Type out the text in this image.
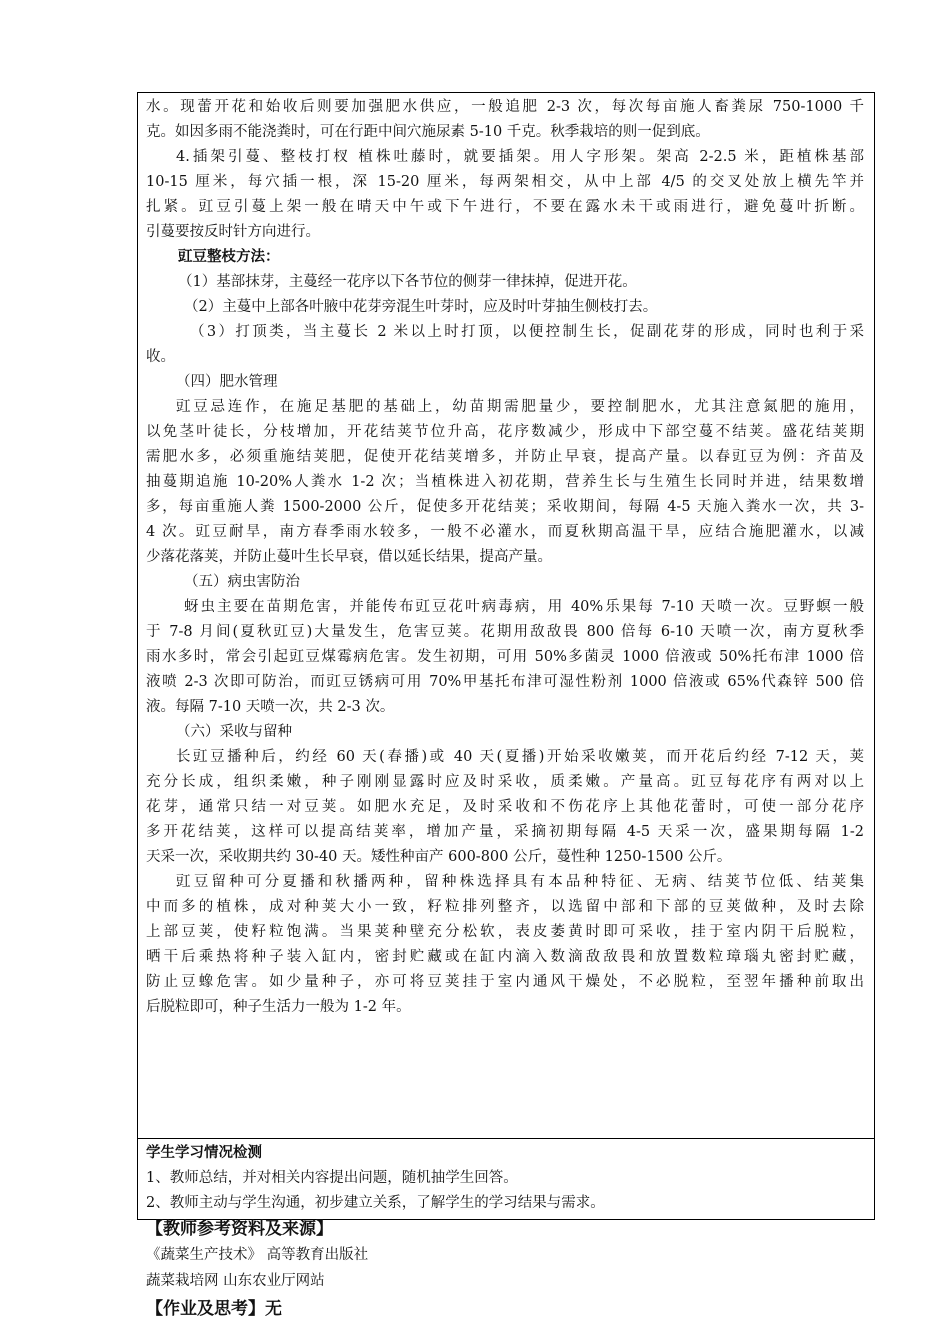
水。现蕾开花和始收后则要加强肥水供应，一般追肥 2-3 次，每次每亩施人畜粪尿 750-1000 千
克。如因多雨不能浇粪时，可在行距中间穴施尿素 5-10 千克。秋季栽培的则一促到底。
4.插架引蔓、整枝打杈 植株吐藤时，就要插架。用人字形架。架高 2-2.5 米，距植株基部
10-15 厘米，每穴插一根，深 15-20 厘米，每两架相交，从中上部 4/5 的交叉处放上横先竿并
扎紧。豇豆引蔓上架一般在晴天中午或下午进行，不要在露水未干或雨进行，避免蔓叶折断。
引蔓要按反时针方向进行。
豇豆整枝方法：
（1）基部抹芽，主蔓经一花序以下各节位的侧芽一律抹掉，促进开花。
（2）主蔓中上部各叶腋中花芽旁混生叶芽时，应及时叶芽抽生侧枝打去。
（3）打顶类，当主蔓长 2 米以上时打顶，以便控制生长，促副花芽的形成，同时也利于采
收。
（四）肥水管理
豇豆忌连作，在施足基肥的基础上，幼苗期需肥量少，要控制肥水，尤其注意氮肥的施用，
以免茎叶徒长，分枝增加，开花结荚节位升高，花序数减少，形成中下部空蔓不结荚。盛花结荚期
需肥水多，必须重施结荚肥，促使开花结荚增多，并防止早衰，提高产量。以春豇豆为例：齐苗及
抽蔓期追施 10-20%人粪水 1-2 次；当植株进入初花期，营养生长与生殖生长同时并进，结果数增
多，每亩重施人粪 1500-2000 公斤，促使多开花结荚；采收期间，每隔 4-5 天施入粪水一次，共 3-
4 次。豇豆耐旱，南方春季雨水较多，一般不必灌水，而夏秋期高温干旱，应结合施肥灌水，以减
少落花落荚，并防止蔓叶生长早衰，借以延长结果，提高产量。
（五）病虫害防治
蚜虫主要在苗期危害，并能传布豇豆花叶病毒病，用 40%乐果每 7-10 天喷一次。豆野螟一般
于 7-8 月间(夏秋豇豆)大量发生，危害豆荚。花期用敌敌畏 800 倍每 6-10 天喷一次，南方夏秋季
雨水多时，常会引起豇豆煤霉病危害。发生初期，可用 50%多菌灵 1000 倍液或 50%托布津 1000 倍
液喷 2-3 次即可防治，而豇豆锈病可用 70%甲基托布津可湿性粉剂 1000 倍液或 65%代森锌 500 倍
液。每隔 7-10 天喷一次，共 2-3 次。
（六）采收与留种
长豇豆播种后，约经 60 天(春播)或 40 天(夏播)开始采收嫩荚，而开花后约经 7-12 天，荚
充分长成，组织柔嫩，种子刚刚显露时应及时采收，质柔嫩。产量高。豇豆每花序有两对以上
花芽，通常只结一对豆荚。如肥水充足，及时采收和不伤花序上其他花蕾时，可使一部分花序
多开花结荚，这样可以提高结荚率，增加产量，采摘初期每隔 4-5 天采一次，盛果期每隔 1-2
天采一次，采收期共约 30-40 天。矮性种亩产 600-800 公斤，蔓性种 1250-1500 公斤。
豇豆留种可分夏播和秋播两种，留种株选择具有本品种特征、无病、结荚节位低、结荚集
中而多的植株，成对种荚大小一致，籽粒排列整齐，以选留中部和下部的豆荚做种，及时去除
上部豆荚，使籽粒饱满。当果荚种壁充分松软，表皮萎黄时即可采收，挂于室内阴干后脱粒，
晒干后乘热将种子装入缸内，密封贮藏或在缸内滴入数滴敌敌畏和放置数粒璋瑙丸密封贮藏，
防止豆蟓危害。如少量种子，亦可将豆荚挂于室内通风干燥处，不必脱粒，至翌年播种前取出
后脱粒即可，种子生活力一般为 1-2 年。
学生学习情况检测
1、教师总结，并对相关内容提出问题，随机抽学生回答。
2、教师主动与学生沟通，初步建立关系，了解学生的学习结果与需求。
【教师参考资料及来源】
《蔬菜生产技术》 高等教育出版社
蔬菜栽培网 山东农业厅网站
【作业及思考】无
